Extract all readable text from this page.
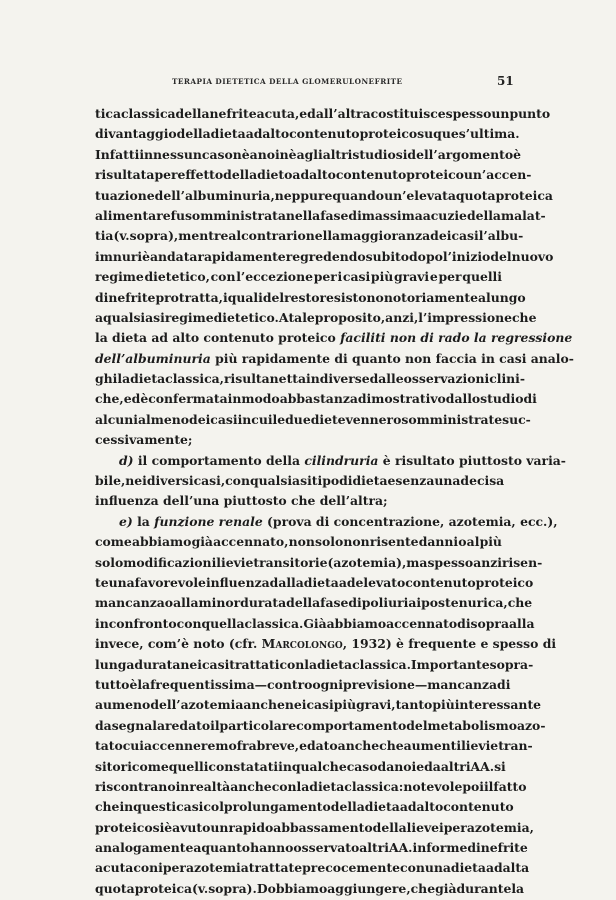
TERAPIA DIETETICA DELLA GLOMERULONEFRITE	51
tica classica della nefrite acuta, e dall’altra costituisce spesso un punto
di vantaggio della dieta ad alto contenuto proteico su ques’ultima.
Infatti in nessun caso nè a noi nè agli altri studiosi dell’argomento è
risultata per effetto della dieto ad alto contenuto proteico un’accen-
tuazione dell’albuminuria, neppure quando un’elevata quota proteica
alimentare fu somministrata nella fase di massima acuzie della malat-
tia (v. sopra), mentre al contrario nella maggioranza dei casi l’albu-
imnuri è andata rapidamente regredendo subito dopo l’inizio del nuovo
regime dietetico, con l’eccezione per i casi più gravi e per quelli
di nefrite protratta, i quali del resto resistono notoriamente a lungo
a qualsiasi regime dietetico. A tale proposito, anzi, l’impressione che
la dieta ad alto contenuto proteico faciliti non di rado la regressione
dell’albuminuria più rapidamente di quanto non faccia in casi analo-
ghi la dieta classica, risulta netta in diverse dalle osservazioni clini-
che, ed è confermata in modo abbastanza dimostrativo dallo studio di
alcuni almeno dei casi in cui le due diete vennero somministrate suc-
cessivamente;
d) il comportamento della cilindruria è risultato piuttosto varia-
bile, nei diversi casi, con qualsiasi tipo di dieta e senza una decisa
influenza dell’una piuttosto che dell’altra;
e) la funzione renale (prova di concentrazione, azotemia, ecc.),
come abbiamo già accennato, non solo non risente danni o al più
solo modificazioni lievi e transitorie (azotemia), ma spesso anzi risen-
te una favorevole influenza dalla dieta ad elevato contenuto proteico
mancanza o alla minor durata della fase di poliuria ipostenurica, che
in confronto con quella classica. Già abbiamo accennato di sopra alla
invece, com’è noto (cfr. Marcolongo , 1932) è frequente e spesso di
lunga durata nei casi trattati con la dieta classica. Importante sopra-
tutto è la frequentissima — contro ogni previsione — mancanza di
aumeno dell’azotemia anche nei casi più gravi, tanto più interessante
da segnalare dato il particolare comportamento del metabolismo azo-
tato cui accenneremo fra breve, e dato anche che aumenti lievi e tran-
sitori come quelli constatati in qualche caso da noi e da altri AA. si
riscontrano in realtà anche con la dieta classica: notevole poi il fatto
che in questi casi col prolungamento della dieta ad alto contenuto
proteico si è avuto un rapido abbassamento della lieve iperazotemia,
analogamente a quanto hanno osservato altri AA. in forme di nefrite
acuta con iperazotemia trattate precocemente con una dieta ad alta
quota proteica (v. sopra). Dobbiamo aggiungere, che già durante la
